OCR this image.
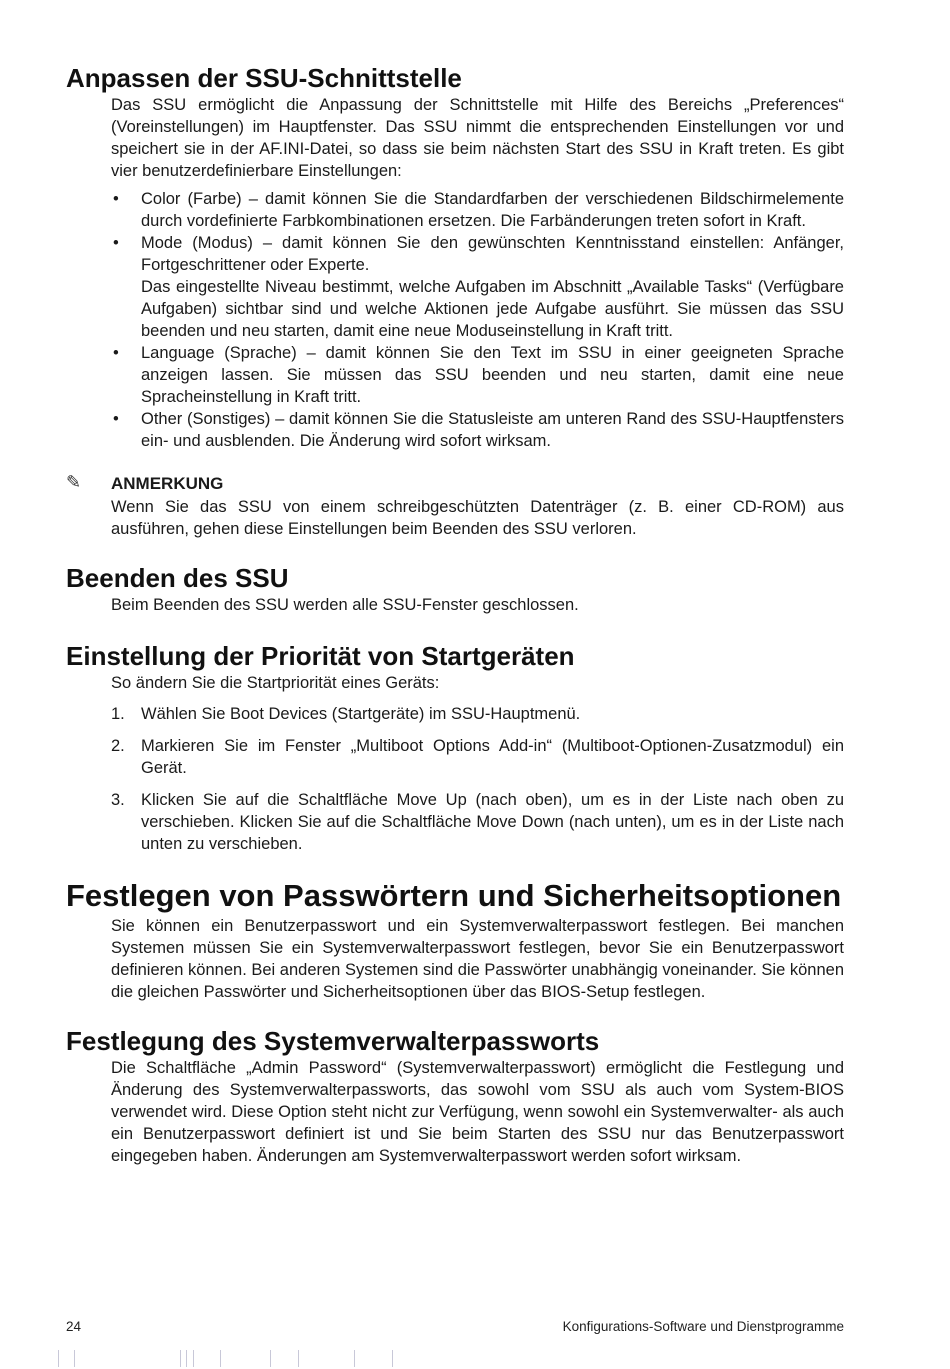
Anpassen der SSU-Schnittstelle

Das SSU ermöglicht die Anpassung der Schnittstelle mit Hilfe des Bereichs „Preferences“ (Voreinstellungen) im Hauptfenster. Das SSU nimmt die entsprechenden Einstellungen vor und speichert sie in der AF.INI-Datei, so dass sie beim nächsten Start des SSU in Kraft treten. Es gibt vier benutzerdefinierbare Einstellungen:

• Color (Farbe) – damit können Sie die Standardfarben der verschiedenen Bildschirmelemente durch vordefinierte Farbkombinationen ersetzen. Die Farbänderungen treten sofort in Kraft.
• Mode (Modus) – damit können Sie den gewünschten Kenntnisstand einstellen: Anfänger, Fortgeschrittener oder Experte.
Das eingestellte Niveau bestimmt, welche Aufgaben im Abschnitt „Available Tasks“ (Verfügbare Aufgaben) sichtbar sind und welche Aktionen jede Aufgabe ausführt. Sie müssen das SSU beenden und neu starten, damit eine neue Moduseinstellung in Kraft tritt.
• Language (Sprache) – damit können Sie den Text im SSU in einer geeigneten Sprache anzeigen lassen. Sie müssen das SSU beenden und neu starten, damit eine neue Spracheinstellung in Kraft tritt.
• Other (Sonstiges) – damit können Sie die Statusleiste am unteren Rand des SSU-Hauptfensters ein- und ausblenden. Die Änderung wird sofort wirksam.
✎ ANMERKUNG
Wenn Sie das SSU von einem schreibgeschützten Datenträger (z. B. einer CD-ROM) aus ausführen, gehen diese Einstellungen beim Beenden des SSU verloren.
Beenden des SSU

Beim Beenden des SSU werden alle SSU-Fenster geschlossen.

Einstellung der Priorität von Startgeräten

So ändern Sie die Startpriorität eines Geräts:

1. Wählen Sie Boot Devices (Startgeräte) im SSU-Hauptmenü.
2. Markieren Sie im Fenster „Multiboot Options Add-in“ (Multiboot-Optionen-Zusatzmodul) ein Gerät.
3. Klicken Sie auf die Schaltfläche Move Up (nach oben), um es in der Liste nach oben zu verschieben. Klicken Sie auf die Schaltfläche Move Down (nach unten), um es in der Liste nach unten zu verschieben.
Festlegen von Passwörtern und Sicherheitsoptionen

Sie können ein Benutzerpasswort und ein Systemverwalterpasswort festlegen. Bei manchen Systemen müssen Sie ein Systemverwalterpasswort festlegen, bevor Sie ein Benutzerpasswort definieren können. Bei anderen Systemen sind die Passwörter unabhängig voneinander. Sie können die gleichen Passwörter und Sicherheitsoptionen über das BIOS-Setup festlegen.

Festlegung des Systemverwalterpassworts

Die Schaltfläche „Admin Password“ (Systemverwalterpasswort) ermöglicht die Festlegung und Änderung des Systemverwalterpassworts, das sowohl vom SSU als auch vom System-BIOS verwendet wird. Diese Option steht nicht zur Verfügung, wenn sowohl ein Systemverwalter- als auch ein Benutzerpasswort definiert ist und Sie beim Starten des SSU nur das Benutzerpasswort eingegeben haben. Änderungen am Systemverwalterpasswort werden sofort wirksam.

24	Konfigurations-Software und Dienstprogramme
